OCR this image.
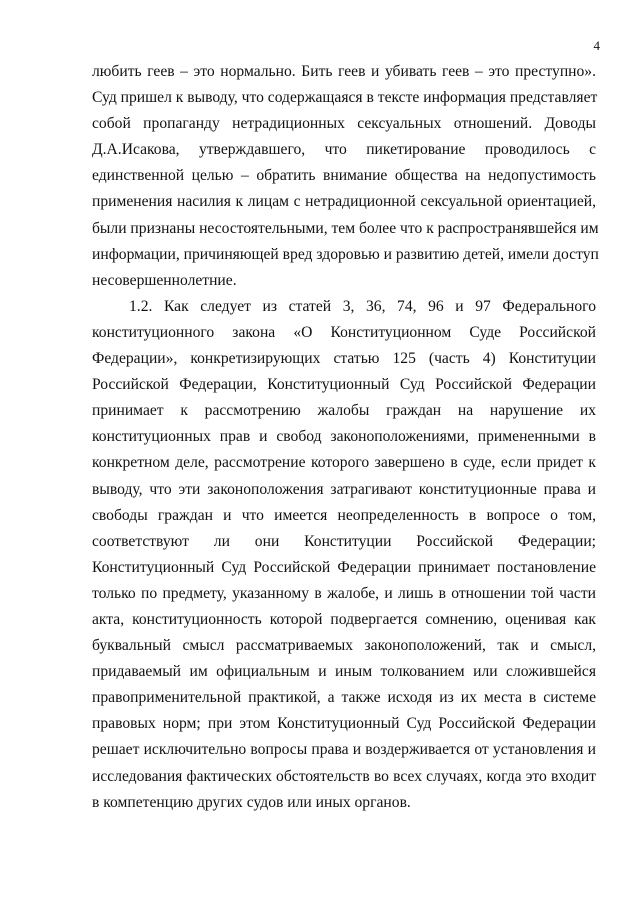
4
любить геев – это нормально. Бить геев и убивать геев – это преступно».
Суд пришел к выводу, что содержащаяся в тексте информация представляет
собой пропаганду нетрадиционных сексуальных отношений. Доводы
Д.А.Исакова, утверждавшего, что пикетирование проводилось с
единственной целью – обратить внимание общества на недопустимость
применения насилия к лицам с нетрадиционной сексуальной ориентацией,
были признаны несостоятельными, тем более что к распространявшейся им
информации, причиняющей вред здоровью и развитию детей, имели доступ
несовершеннолетние.
1.2. Как следует из статей 3, 36, 74, 96 и 97 Федерального
конституционного закона «О Конституционном Суде Российской
Федерации», конкретизирующих статью 125 (часть 4) Конституции
Российской Федерации, Конституционный Суд Российской Федерации
принимает к рассмотрению жалобы граждан на нарушение их
конституционных прав и свобод законоположениями, примененными в
конкретном деле, рассмотрение которого завершено в суде, если придет к
выводу, что эти законоположения затрагивают конституционные права и
свободы граждан и что имеется неопределенность в вопросе о том,
соответствуют ли они Конституции Российской Федерации;
Конституционный Суд Российской Федерации принимает постановление
только по предмету, указанному в жалобе, и лишь в отношении той части
акта, конституционность которой подвергается сомнению, оценивая как
буквальный смысл рассматриваемых законоположений, так и смысл,
придаваемый им официальным и иным толкованием или сложившейся
правоприменительной практикой, а также исходя из их места в системе
правовых норм; при этом Конституционный Суд Российской Федерации
решает исключительно вопросы права и воздерживается от установления и
исследования фактических обстоятельств во всех случаях, когда это входит
в компетенцию других судов или иных органов.
